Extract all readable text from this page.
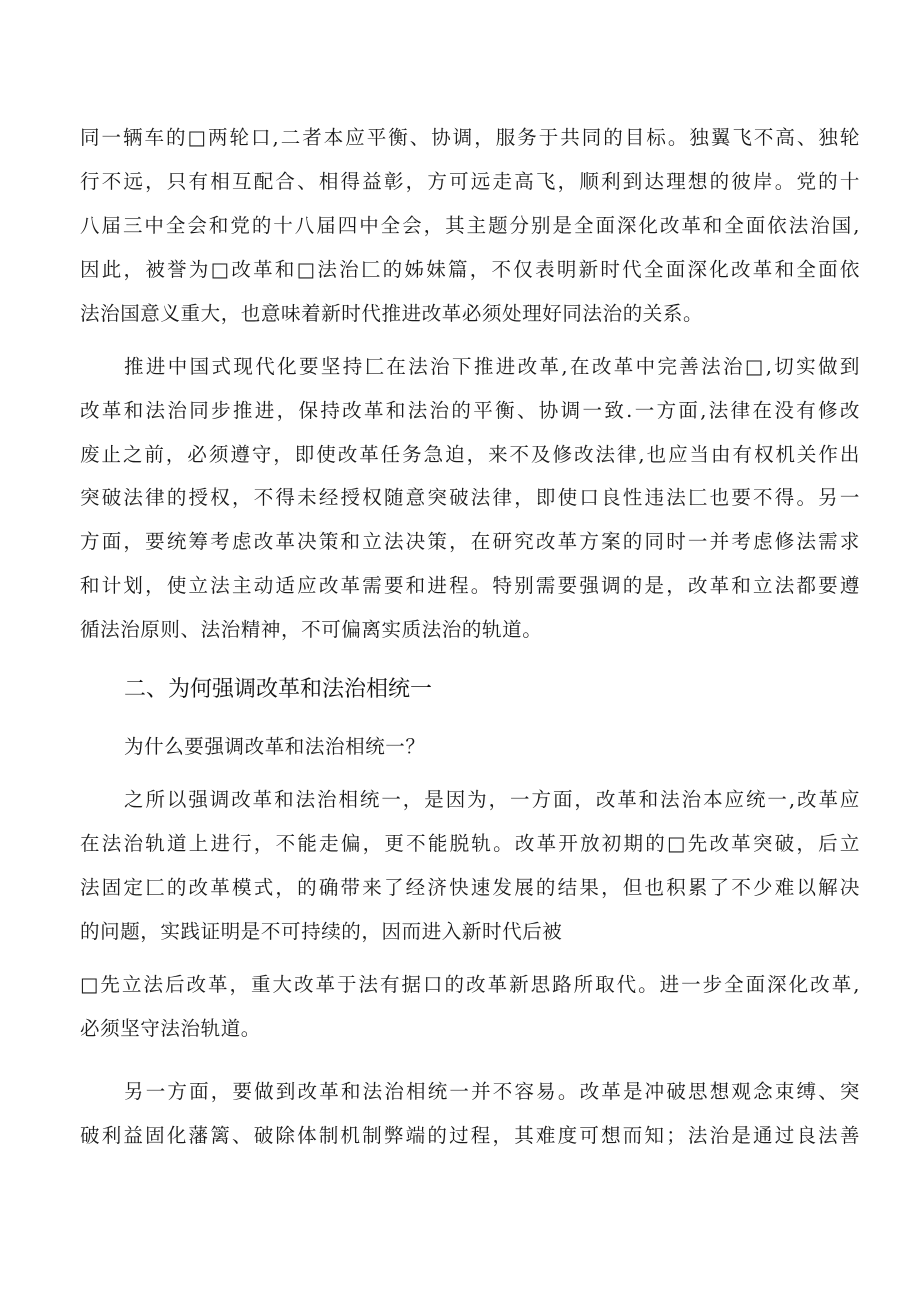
同一辆车的□两轮口,二者本应平衡、协调，服务于共同的目标。独翼飞不高、独轮
行不远，只有相互配合、相得益彰，方可远走高飞，顺利到达理想的彼岸。党的十
八届三中全会和党的十八届四中全会，其主题分别是全面深化改革和全面依法治国,
因此，被誉为□改革和□法治匚的姊妹篇，不仅表明新时代全面深化改革和全面依
法治国意义重大，也意味着新时代推进改革必须处理好同法治的关系。
推进中国式现代化要坚持匚在法治下推进改革,在改革中完善法治□,切实做到
改革和法治同步推进，保持改革和法治的平衡、协调一致.一方面,法律在没有修改
废止之前，必须遵守，即使改革任务急迫，来不及修改法律,也应当由有权机关作出
突破法律的授权，不得未经授权随意突破法律，即使口良性违法匚也要不得。另一
方面，要统筹考虑改革决策和立法决策，在研究改革方案的同时一并考虑修法需求
和计划，使立法主动适应改革需要和进程。特别需要强调的是，改革和立法都要遵
循法治原则、法治精神，不可偏离实质法治的轨道。
二、为何强调改革和法治相统一
为什么要强调改革和法治相统一？
之所以强调改革和法治相统一，是因为，一方面，改革和法治本应统一,改革应
在法治轨道上进行，不能走偏，更不能脱轨。改革开放初期的□先改革突破，后立
法固定匚的改革模式，的确带来了经济快速发展的结果，但也积累了不少难以解决
的问题，实践证明是不可持续的，因而进入新时代后被
□先立法后改革，重大改革于法有据口的改革新思路所取代。进一步全面深化改革,
必须坚守法治轨道。
另一方面，要做到改革和法治相统一并不容易。改革是冲破思想观念束缚、突
破利益固化藩篱、破除体制机制弊端的过程，其难度可想而知；法治是通过良法善
